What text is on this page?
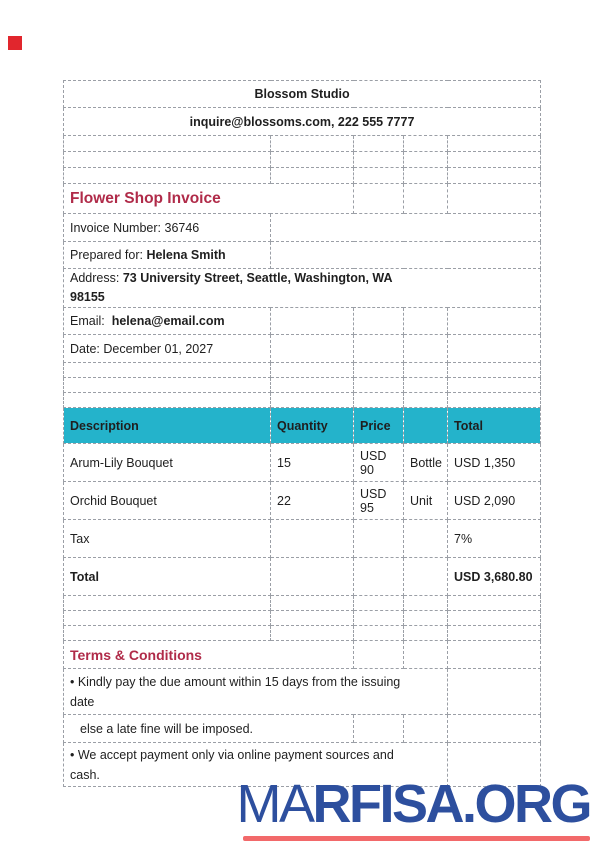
Blossom Studio				
inquire@blossoms.com, 222 555 7777				

Flower Shop Invoice				
Invoice Number: 36746				
Prepared for: Helena Smith				

Address: 73 University Street, Seattle, Washington, WA
98155				

Email: helena@email.com				
Date: December 01, 2027				

Description	Quantity	Price		Total
Arum-Lily Bouquet	15	USD 90	Bottle	USD 1,350
Orchid Bouquet	22	USD 95	Unit	USD 2,090
Tax				7%
Total				USD 3,680.80

Terms & Conditions				

• Kindly pay the due amount within 15 days from the issuing
date				

else a late fine will be imposed.				

• We accept payment only via online payment sources and
cash.				
		MARFISA.ORG
